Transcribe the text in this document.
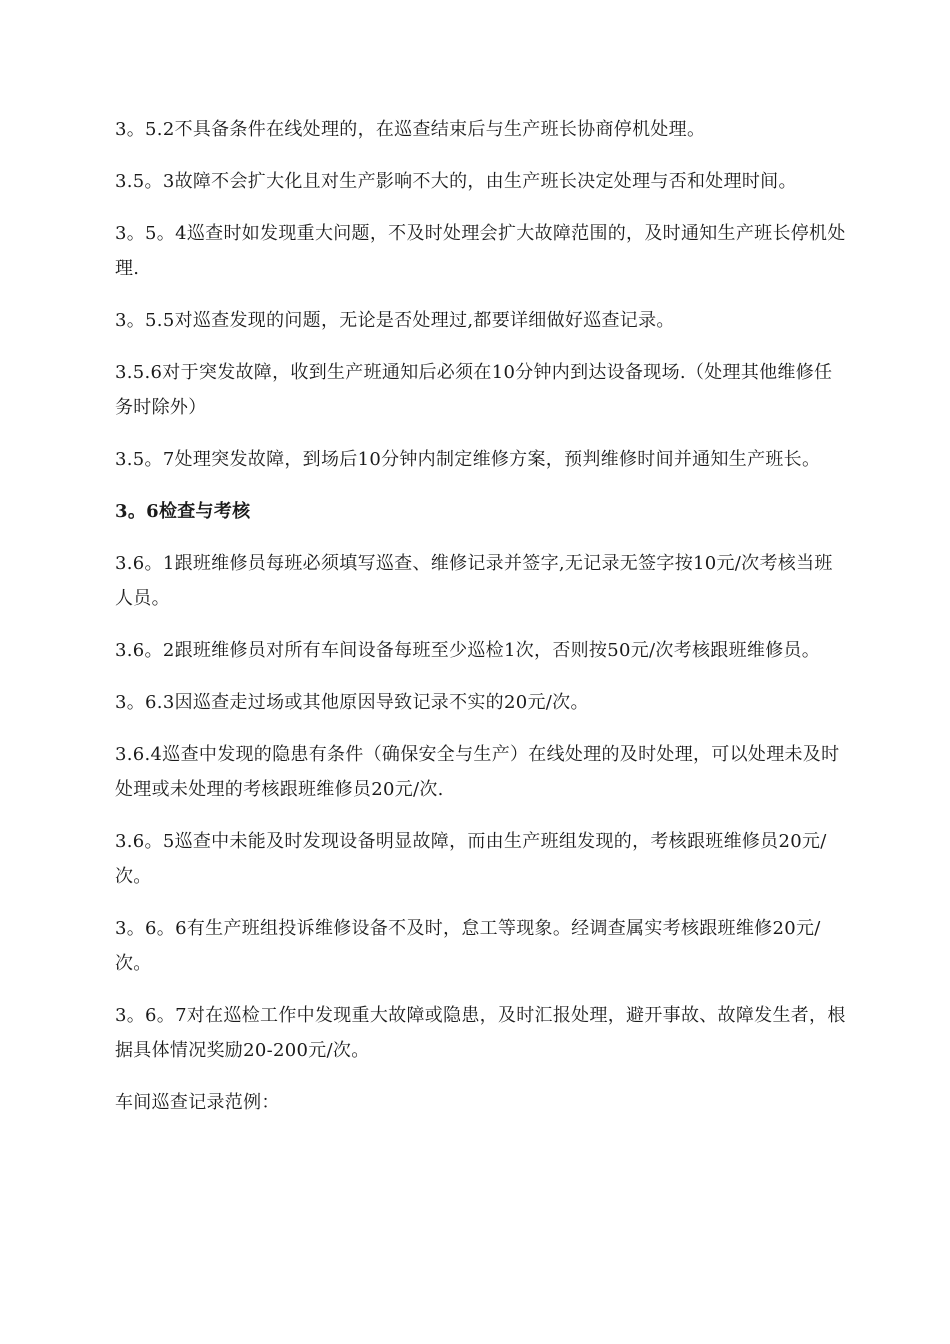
3。5.2不具备条件在线处理的，在巡查结束后与生产班长协商停机处理。

3.5。3故障不会扩大化且对生产影响不大的，由生产班长决定处理与否和处理时间。

3。5。4巡查时如发现重大问题，不及时处理会扩大故障范围的，及时通知生产班长停机处理.

3。5.5对巡查发现的问题，无论是否处理过,都要详细做好巡查记录。

3.5.6对于突发故障，收到生产班通知后必须在10分钟内到达设备现场.（处理其他维修任务时除外）

3.5。7处理突发故障，到场后10分钟内制定维修方案，预判维修时间并通知生产班长。

3。6检查与考核

3.6。1跟班维修员每班必须填写巡查、维修记录并签字,无记录无签字按10元/次考核当班人员。

3.6。2跟班维修员对所有车间设备每班至少巡检1次，否则按50元/次考核跟班维修员。

3。6.3因巡查走过场或其他原因导致记录不实的20元/次。

3.6.4巡查中发现的隐患有条件（确保安全与生产）在线处理的及时处理，可以处理未及时处理或未处理的考核跟班维修员20元/次.

3.6。5巡查中未能及时发现设备明显故障，而由生产班组发现的，考核跟班维修员20元/次。

3。6。6有生产班组投诉维修设备不及时，怠工等现象。经调查属实考核跟班维修20元/次。

3。6。7对在巡检工作中发现重大故障或隐患，及时汇报处理，避开事故、故障发生者，根据具体情况奖励20-200元/次。

车间巡查记录范例：
